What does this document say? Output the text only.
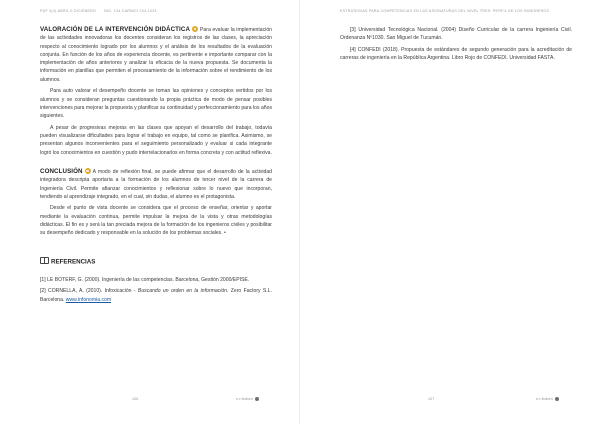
PDF 3(4) ABRIL 0 DIC/ENERO ING. 134 CARNICI 104-1023

VALORACIÓN DE LA INTERVENCIÓN DIDÁCTICA Para evaluar la implementación de las actividades innovadoras los docentes consideran los registros de las clases, la apreciación respecto al conocimiento logrado por los alumnos y el análisis de los resultados de la evaluación conjunta. En función de los años de experiencia docente, es pertinente e importante comparar con la implementación de años anteriores y analizar la eficacia de la nueva propuesta. Se documenta la información en planillas que permiten el procesamiento de la información sobre el rendimiento de los alumnos.

Para auto valorar el desempeño docente se toman las opiniones y conceptos vertidos por los alumnos y se consideran preguntas cuestionando la propia práctica de modo de pensar posibles intervenciones para mejorar la propuesta y planificar su continuidad y perfeccionamiento para los años siguientes.

A pesar de progresivas mejoras en las clases que apoyan el desarrollo del trabajo, todavía pueden visualizarse dificultades para lograr el trabajo en equipo, tal como se planifica. Asimismo, se presentan algunos inconvenientes para el seguimiento personalizado y evaluar si cada integrante logró los conocimientos en cuestión y pudo interrelacionarlos en forma concreta y con actitud reflexiva.

CONCLUSIÓN A modo de reflexión final, se puede afirmar que el desarrollo de la actividad integradora descripta aportaría a la formación de los alumnos de tercer nivel de la carrera de Ingeniería Civil. Permite afianzar conocimientos y reflexionar sobre lo nuevo que incorporan, tendiendo al aprendizaje integrado, en el cual, sin dudas, el alumno es el protagonista.

Desde el punto de vista docente se considera que el proceso de enseñar, orientar y aportar mediante la evaluación continua, permite impulsar la mejora de la vista y otras metodologías didácticas. El fin es y será la tan preciada mejora de la formación de los ingenieros civiles y posibilitar su desempeño dedicado y responsable en la solución de los problemas sociales. •

REFERENCIAS

[1] LE BOTERF, G. (2000). Ingeniería de las competencias. Barcelona, Gestión 2000/EPISE.

[2] CORNELLA, A. (2010). Infoxicación - Buscando un orden en la información. Zero Factory S.L. Barcelona. www.infonomia.com

106	e-r.Ikaben
ESTRATEGIAS PARA COMPETENCIAS EN LAS ASIGNATURAS DEL NIVEL TRES: PERFIL DE LOS INGENIEROS

[3] Universidad Tecnológica Nacional. (2004) Diseño Curricular de la carrera Ingeniería Civil. Ordenanza Nº1030. San Miguel de Tucumán.

[4] CONFEDI (2018). Propuesta de estándares de segundo generación para la acreditación de carreras de ingeniería en la República Argentina. Libro Rojo de CONFEDI. Universidad FASTA.

107	e-r.Ikaben
